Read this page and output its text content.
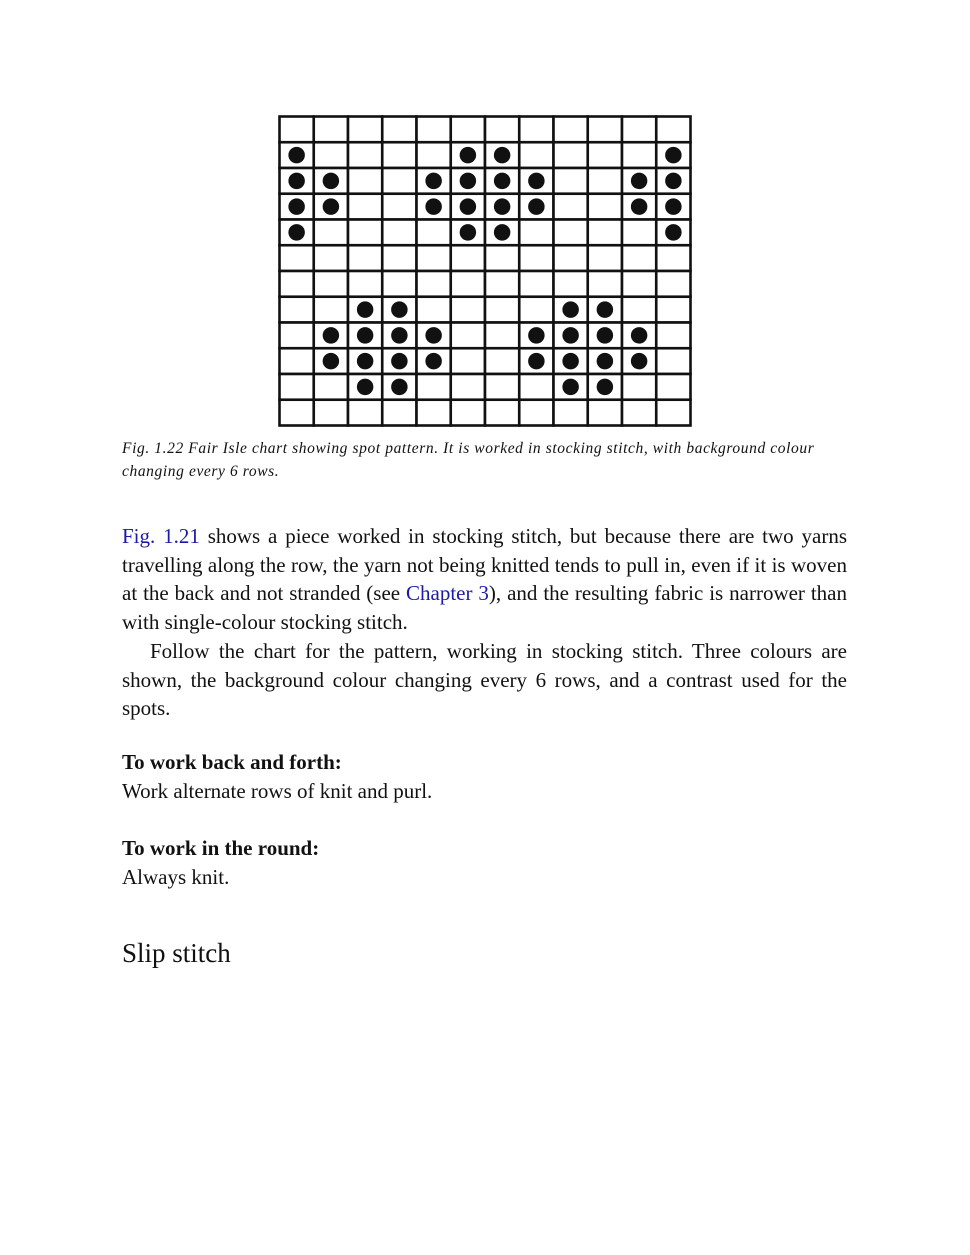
Fig. 1.22 Fair Isle chart showing spot pattern. It is worked in stocking stitch, with background colour changing every 6 rows.
Fig. 1.21 shows a piece worked in stocking stitch, but because there are two yarns travelling along the row, the yarn not being knitted tends to pull in, even if it is woven at the back and not stranded (see Chapter 3), and the resulting fabric is narrower than with single-colour stocking stitch.
Follow the chart for the pattern, working in stocking stitch. Three colours are shown, the background colour changing every 6 rows, and a contrast used for the spots.
To work back and forth:
Work alternate rows of knit and purl.
To work in the round:
Always knit.
Slip stitch
